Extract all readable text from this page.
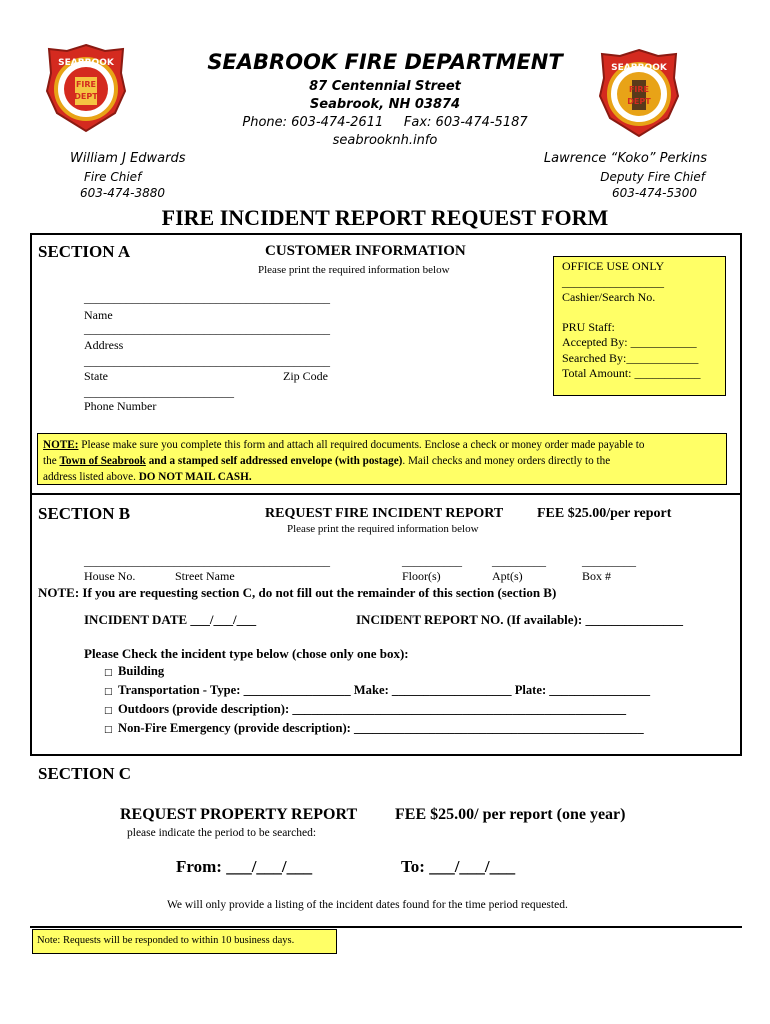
SEABROOK
FIRE
DEPT
SEABROOK
FIRE
DEPT
SEABROOK FIRE DEPARTMENT
87 Centennial Street
Seabrook, NH 03874
Phone: 603-474-2611     Fax: 603-474-5187
seabrooknh.info
William J Edwards
Fire Chief
603-474-3880
Lawrence “Koko” Perkins
Deputy Fire Chief
603-474-5300
FIRE INCIDENT REPORT REQUEST FORM
SECTION A	CUSTOMER INFORMATION
Please print the required information below
_________________________________________
Name
_________________________________________
Address
_________________________________________
State	Zip Code
_________________________
Phone Number
OFFICE USE ONLY
_________________
Cashier/Search No.
PRU Staff:
Accepted By: ___________
Searched By:____________
Total Amount: ___________
NOTE: Please make sure you complete this form and attach all required documents. Enclose a check or money order made payable to
the Town of Seabrook and a stamped self addressed envelope (with postage). Mail checks and money orders directly to the
address listed above. DO NOT MAIL CASH.
SECTION B	REQUEST FIRE INCIDENT REPORT FEE $25.00/per report
Please print the required information below
_________________________________________	__________	_________	_________
House No.	Street Name	Floor(s)	Apt(s)	Box #
NOTE: If you are requesting section C, do not fill out the remainder of this section (section B)
INCIDENT DATE ___/___/___	INCIDENT REPORT NO. (If available): _______________
Please Check the incident type below (chose only one box):
□ Building
□ Transportation - Type: _________________ Make: ___________________ Plate: ________________
□ Outdoors (provide description): _____________________________________________________
□ Non-Fire Emergency (provide description): ______________________________________________
SECTION C
REQUEST PROPERTY REPORT FEE $25.00/ per report (one year)
please indicate the period to be searched:
From: ___/___/___	To: ___/___/___
We will only provide a listing of the incident dates found for the time period requested.
Note: Requests will be responded to within 10 business days.
